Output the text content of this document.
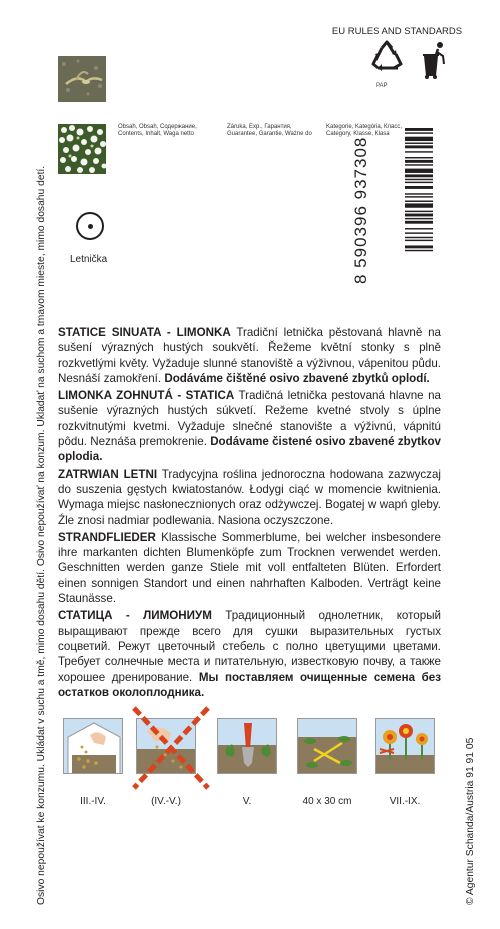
Osivo nepoužívat ke konzumu. Ukládat v suchu a tmě, mimo dosahu dětí. Osivo nepoužívať na konzum. Ukladať na suchom a tmavom mieste, mimo dosahu detí.
EU RULES AND STANDARDS
PAP
Obsah, Obsah, Содержание,
Contents, Inhalt, Waga netto
Záruka, Exp., Гарантия,
Guarantee, Garantie, Ważne do
Kategorie, Kategória, Класс,
Category, Klasse, Klasa
8 590396 937308
Letnička

STATICE SINUATA - LIMONKA Tradiční letnička pěstovaná hlavně na sušení výrazných hustých soukvětí. Řežeme květní stonky s plně rozkvetlými květy. Vyžaduje slunné stanoviště a výživnou, vápenitou půdu. Nesnáší zamokření. Dodáváme čištěné osivo zbavené zbytků oplodí.

LIMONKA ZOHNUTÁ - STATICA Tradičná letnička pestovaná hlavne na sušenie výrazných hustých súkvetí. Režeme kvetné stvoly s úplne rozkvitnutými kvetmi. Vyžaduje slnečné stanovište a výživnú, vápnitú pôdu. Neznáša premokrenie. Dodávame čistené osivo zbavené zbytkov oplodia.

ZATRWIAN LETNI Tradycyjna roślina jednoroczna hodowana zazwyczaj do suszenia gęstych kwiatostanów. Łodygi ciąć w momencie kwitnienia. Wymaga miejsc nasłonecznionych oraz odżywczej. Bogatej w wapń gleby. Źle znosi nadmiar podlewania. Nasiona oczyszczone.

STRANDFLIEDER Klassische Sommerblume, bei welcher insbesondere ihre markanten dichten Blumenköpfe zum Trocknen verwendet werden. Geschnitten werden ganze Stiele mit voll entfalteten Blüten. Erfordert einen sonnigen Standort und einen nahrhaften Kalboden. Verträgt keine Staunässe.

СТАТИЦА - ЛИМОНИУМ Традиционный однолетник, который выращивают прежде всего для сушки выразительных густых соцветий. Режут цветочный стебель с полно цветущими цветами. Требует солнечные места и питательную, известковую почву, а также хорошее дренирование. Мы поставляем очищенные семена без остатков околоплодника.

III.-IV.	(IV.-V.)	V.	40 x 30 cm	VII.-IX.	© Agentur Schanda/Austria 91 91 05
